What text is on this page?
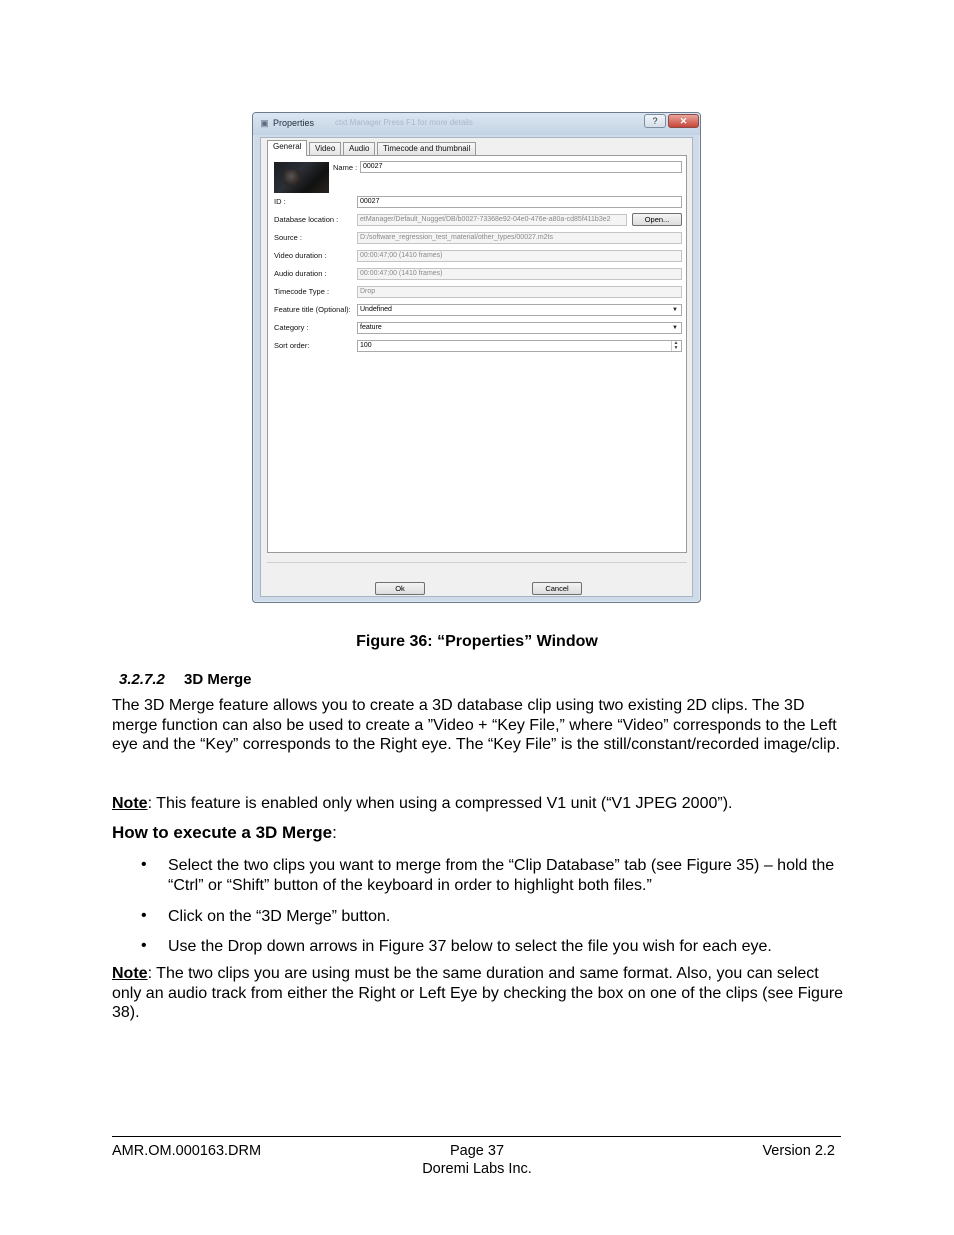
▣ Properties	ctxt Manager Press F1 for more details	?	✕
General	Video	Audio	Timecode and thumbnail
Name : 00027
ID :	00027
Database location :	etManager/Default_Nugget/DB/b0027-73368e92-04e0-476e-a80a-cd85f411b3e2	Open...
Source :	D:/software_regression_test_material/other_types/00027.m2ts
Video duration :	00:00:47;00 (1410 frames)
Audio duration :	00:00:47;00 (1410 frames)
Timecode Type :	Drop
Feature title (Optional):	Undefined	▼
Category :	feature	▼
Sort order:	100	▲
▼
Ok	Cancel
Figure 36: “Properties” Window
3.2.7.2 3D Merge
The 3D Merge feature allows you to create a 3D database clip using two existing 2D clips. The 3D merge function can also be used to create a ”Video + “Key File,” where “Video” corresponds to the Left eye and the “Key” corresponds to the Right eye. The “Key File” is the still/constant/recorded image/clip.
Note: This feature is enabled only when using a compressed V1 unit (“V1 JPEG 2000”).
How to execute a 3D Merge:
• Select the two clips you want to merge from the “Clip Database” tab (see Figure 35) – hold the “Ctrl” or “Shift” button of the keyboard in order to highlight both files.”
• Click on the “3D Merge” button.
• Use the Drop down arrows in Figure 37 below to select the file you wish for each eye.
Note: The two clips you are using must be the same duration and same format. Also, you can select only an audio track from either the Right or Left Eye by checking the box on one of the clips (see Figure 38).
AMR.OM.000163.DRM	Page 37
Doremi Labs Inc.
Version 2.2
